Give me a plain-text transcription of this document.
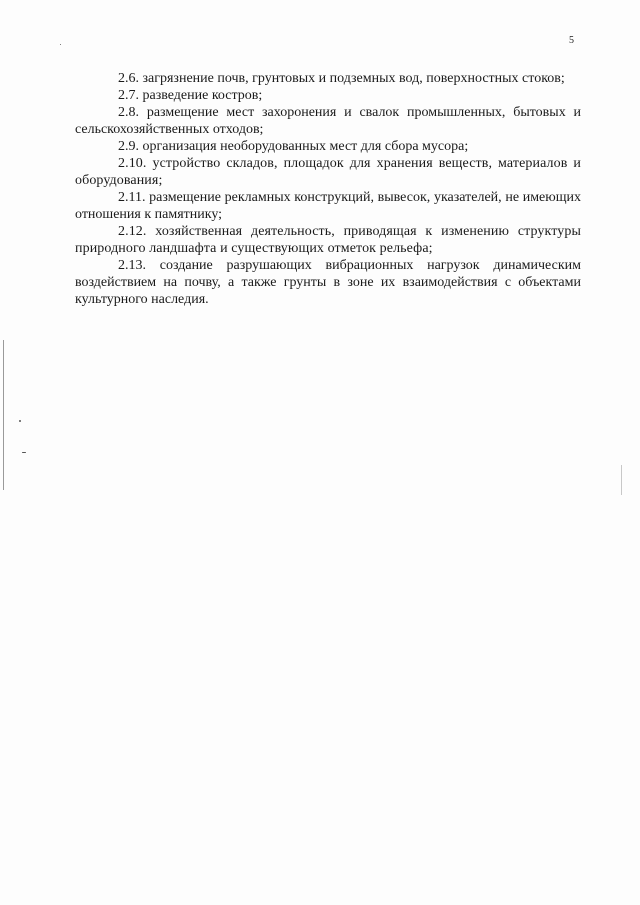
5

2.6. загрязнение почв, грунтовых и подземных вод, поверхностных стоков;

2.7. разведение костров;

2.8. размещение мест захоронения и свалок промышленных, бытовых и сельскохозяйственных отходов;

2.9. организация необорудованных мест для сбора мусора;

2.10. устройство складов, площадок для хранения веществ, материалов и оборудования;

2.11. размещение рекламных конструкций, вывесок, указателей, не имеющих отношения к памятнику;

2.12. хозяйственная деятельность, приводящая к изменению структуры природного ландшафта и существующих отметок рельефа;

2.13. создание разрушающих вибрационных нагрузок динамическим воздействием на почву, а также грунты в зоне их взаимодействия с объектами культурного наследия.
